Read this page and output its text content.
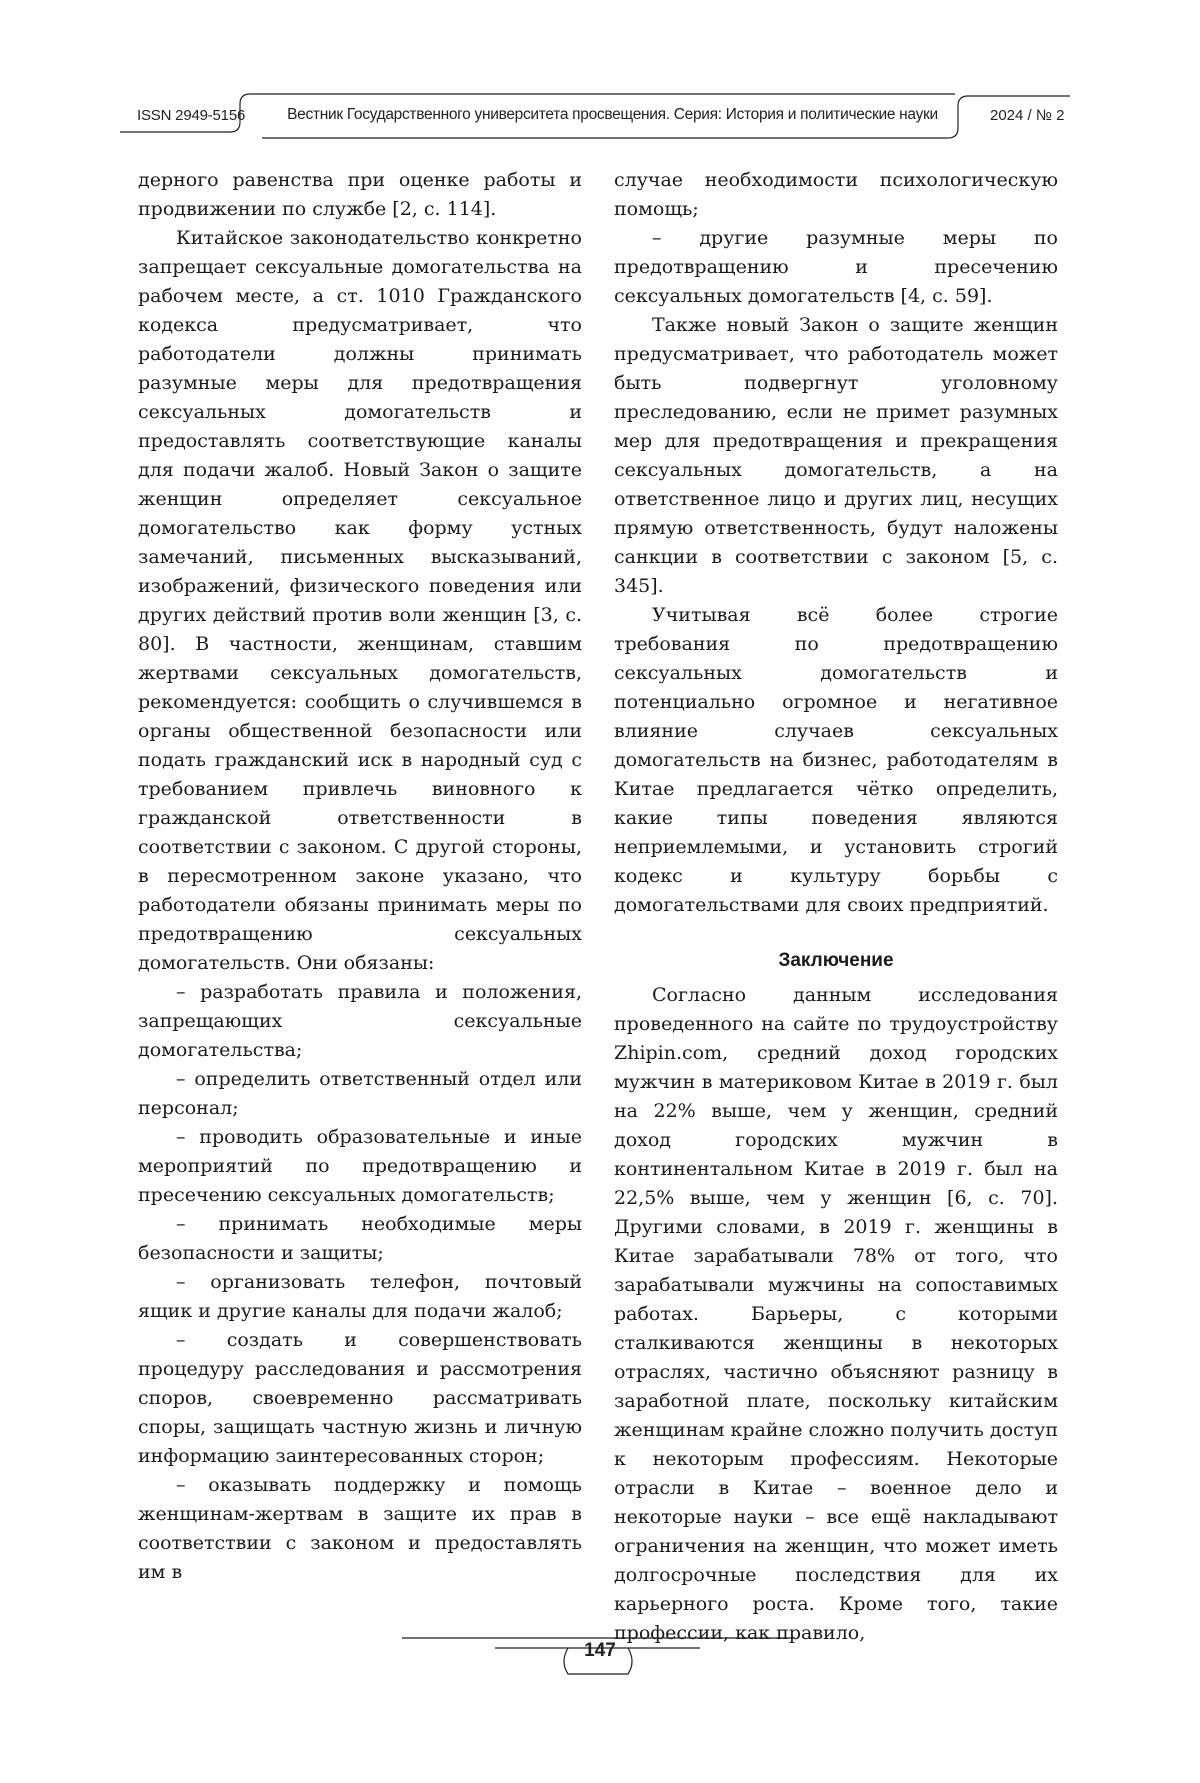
ISSN 2949-5156	Вестник Государственного университета просвещения. Серия: История и политические науки	2024 / № 2

дерного равенства при оценке работы и продвижении по службе [2, с. 114].

Китайское законодательство конкретно запрещает сексуальные домогательства на рабочем месте, а ст. 1010 Гражданского кодекса предусматривает, что работодатели должны принимать разумные меры для предотвращения сексуальных домогательств и предоставлять соответствующие каналы для подачи жалоб. Новый Закон о защите женщин определяет сексуальное домогательство как форму устных замечаний, письменных высказываний, изображений, физического поведения или других действий против воли женщин [3, с. 80]. В частности, женщинам, ставшим жертвами сексуальных домогательств, рекомендуется: сообщить о случившемся в органы общественной безопасности или подать гражданский иск в народный суд с требованием привлечь виновного к гражданской ответственности в соответствии с законом. С другой стороны, в пересмотренном законе указано, что работодатели обязаны принимать меры по предотвращению сексуальных домогательств. Они обязаны:

– разработать правила и положения, запрещающих сексуальные домогательства;

– определить ответственный отдел или персонал;

– проводить образовательные и иные мероприятий по предотвращению и пресечению сексуальных домогательств;

– принимать необходимые меры безопасности и защиты;

– организовать телефон, почтовый ящик и другие каналы для подачи жалоб;

– создать и совершенствовать процедуру расследования и рассмотрения споров, своевременно рассматривать споры, защищать частную жизнь и личную информацию заинтересованных сторон;

– оказывать поддержку и помощь женщинам-жертвам в защите их прав в соответствии с законом и предоставлять им в

случае необходимости психологическую помощь;

– другие разумные меры по предотвращению и пресечению сексуальных домогательств [4, с. 59].

Также новый Закон о защите женщин предусматривает, что работодатель может быть подвергнут уголовному преследованию, если не примет разумных мер для предотвращения и прекращения сексуальных домогательств, а на ответственное лицо и других лиц, несущих прямую ответственность, будут наложены санкции в соответствии с законом [5, с. 345].

Учитывая всё более строгие требования по предотвращению сексуальных домогательств и потенциально огромное и негативное влияние случаев сексуальных домогательств на бизнес, работодателям в Китае предлагается чётко определить, какие типы поведения являются неприемлемыми, и установить строгий кодекс и культуру борьбы с домогательствами для своих предприятий.

Заключение

Согласно данным исследования проведенного на сайте по трудоустройству Zhipin.com, средний доход городских мужчин в материковом Китае в 2019 г. был на 22% выше, чем у женщин, средний доход городских мужчин в континентальном Китае в 2019 г. был на 22,5% выше, чем у женщин [6, с. 70]. Другими словами, в 2019 г. женщины в Китае зарабатывали 78% от того, что зарабатывали мужчины на сопоставимых работах. Барьеры, с которыми сталкиваются женщины в некоторых отраслях, частично объясняют разницу в заработной плате, поскольку китайским женщинам крайне сложно получить доступ к некоторым профессиям. Некоторые отрасли в Китае – военное дело и некоторые науки – все ещё накладывают ограничения на женщин, что может иметь долгосрочные последствия для их карьерного роста. Кроме того, такие профессии, как правило,

147
